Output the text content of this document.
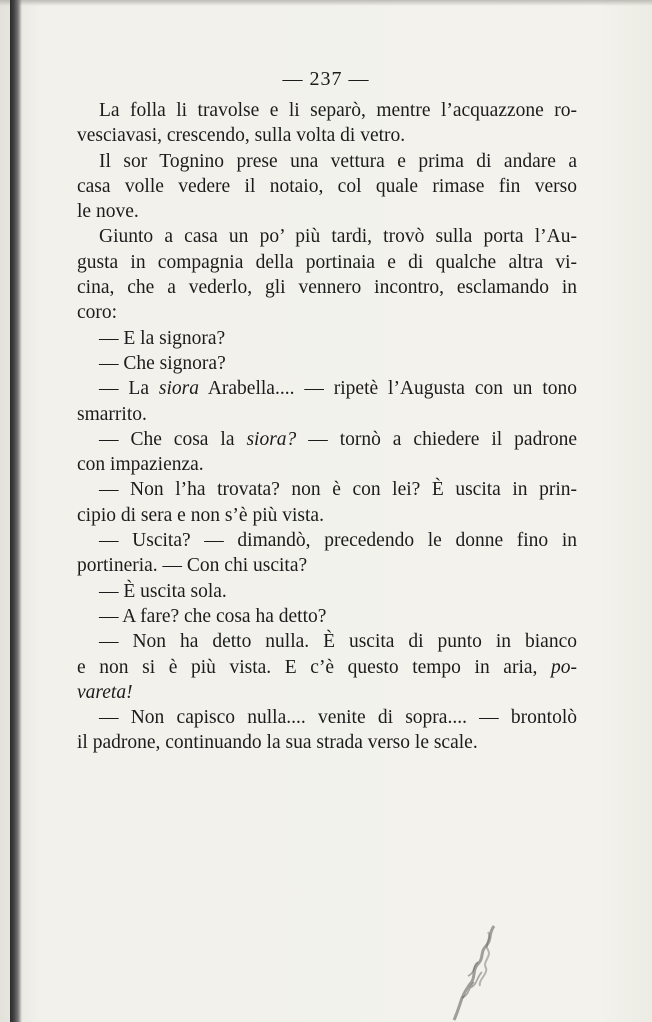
— 237 —
La folla li travolse e li separò, mentre l’acquazzone ro-
vesciavasi, crescendo, sulla volta di vetro.
Il sor Tognino prese una vettura e prima di andare a
casa volle vedere il notaio, col quale rimase fin verso
le nove.
Giunto a casa un po’ più tardi, trovò sulla porta l’Au-
gusta in compagnia della portinaia e di qualche altra vi-
cina, che a vederlo, gli vennero incontro, esclamando in
coro:
— E la signora?
— Che signora?
— La siora Arabella.... — ripetè l’Augusta con un tono
smarrito.
— Che cosa la siora? — tornò a chiedere il padrone
con impazienza.
— Non l’ha trovata? non è con lei? È uscita in prin-
cipio di sera e non s’è più vista.
— Uscita? — dimandò, precedendo le donne fino in
portineria. — Con chi uscita?
— È uscita sola.
— A fare? che cosa ha detto?
— Non ha detto nulla. È uscita di punto in bianco
e non si è più vista. E c’è questo tempo in aria, po-
vareta!
— Non capisco nulla.... venite di sopra.... — brontolò
il padrone, continuando la sua strada verso le scale.
